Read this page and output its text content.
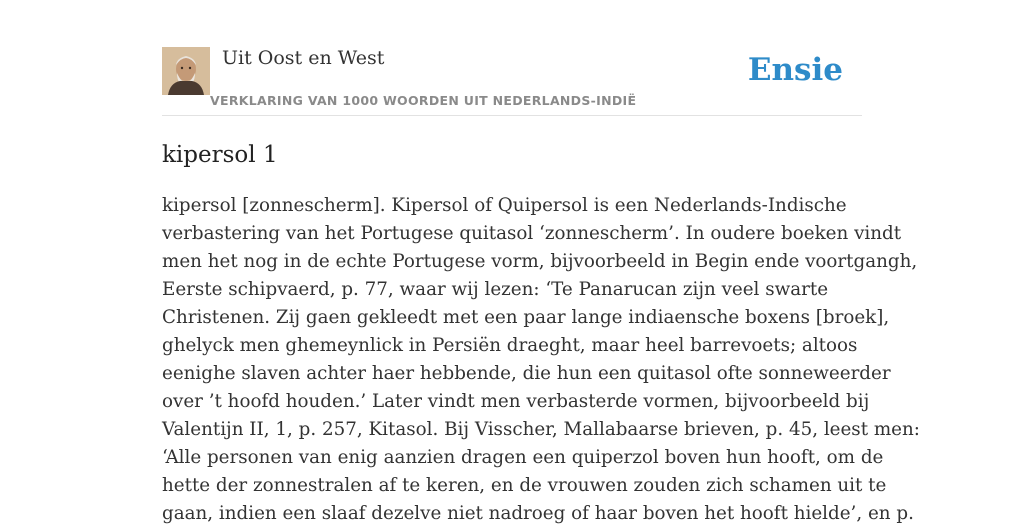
Uit Oost en West
VERKLARING VAN 1000 WOORDEN UIT NEDERLANDS-INDIË
Ensie
kipersol 1
kipersol [zonnescherm]. Kipersol of Quipersol is een Nederlands-Indische
verbastering van het Portugese quitasol ‘zonnescherm’. In oudere boeken vindt
men het nog in de echte Portugese vorm, bijvoorbeeld in Begin ende voortgangh,
Eerste schipvaerd, p. 77, waar wij lezen: ‘Te Panarucan zijn veel swarte
Christenen. Zij gaen gekleedt met een paar lange indiaensche boxens [broek],
ghelyck men ghemeynlick in Persiën draeght, maar heel barrevoets; altoos
eenighe slaven achter haer hebbende, die hun een quitasol ofte sonneweerder
over ’t hoofd houden.’ Later vindt men verbasterde vormen, bijvoorbeeld bij
Valentijn II, 1, p. 257, Kitasol. Bij Visscher, Mallabaarse brieven, p. 45, leest men:
‘Alle personen van enig aanzien dragen een quiperzol boven hun hooft, om de
hette der zonnestralen af te keren, en de vrouwen zouden zich schamen uit te
gaan, indien een slaaf dezelve niet nadroeg of haar boven het hooft hielde’, en p.
